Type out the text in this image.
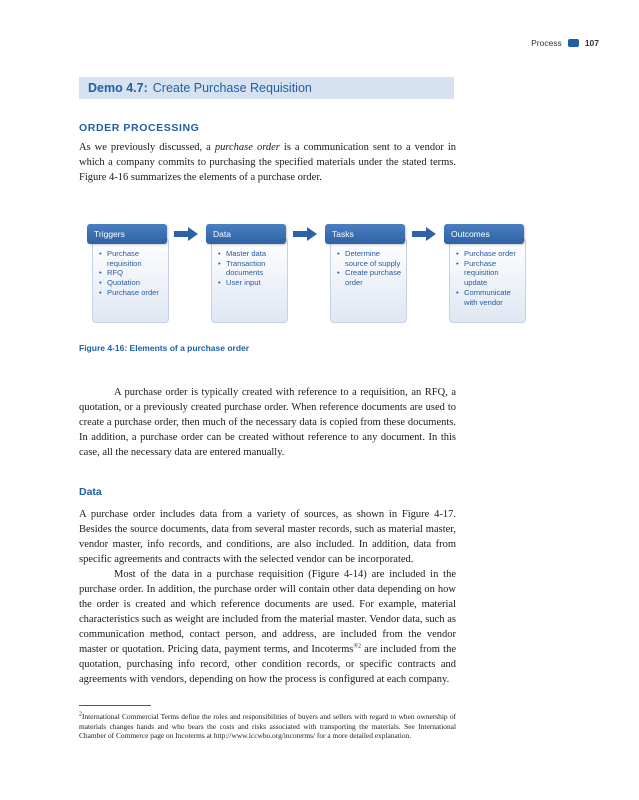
Process	107
Demo 4.7: Create Purchase Requisition
ORDER PROCESSING

As we previously discussed, a purchase order is a communication sent to a vendor in which a company commits to purchasing the specified materials under the stated terms. Figure 4-16 summarizes the elements of a purchase order.

Triggers
• Purchase requisition
• RFQ
• Quotation
• Purchase order
Data
• Master data
• Transaction documents
• User input
Tasks
• Determine source of supply
• Create purchase order
Outcomes
• Purchase order
• Purchase requisition update
• Communicate with vendor
Figure 4-16: Elements of a purchase order

A purchase order is typically created with reference to a requisition, an RFQ, a quotation, or a previously created purchase order. When reference documents are used to create a purchase order, then much of the necessary data is copied from these documents. In addition, a purchase order can be created without reference to any document. In this case, all the necessary data are entered manually.

Data

A purchase order includes data from a variety of sources, as shown in Figure 4-17. Besides the source documents, data from several master records, such as material master, vendor master, info records, and conditions, are also included. In addition, data from specific agreements and contracts with the selected vendor can be incorporated.

Most of the data in a purchase requisition (Figure 4-14) are included in the purchase order. In addition, the purchase order will contain other data depending on how the order is created and which reference documents are used. For example, material characteristics such as weight are included from the material master. Vendor data, such as communication method, contact person, and address, are included from the vendor master or quotation. Pricing data, payment terms, and Incoterms$^{®2}$ are included from the quotation, purchasing info record, other condition records, or specific contracts and agreements with vendors, depending on how the process is configured at each company.

$^2$International Commercial Terms define the roles and responsibilities of buyers and sellers with regard to when ownership of materials changes hands and who bears the costs and risks associated with transporting the materials. See International Chamber of Commerce page on Incoterms at http://www.iccwbo.org/incoterms/ for a more detailed explanation.
